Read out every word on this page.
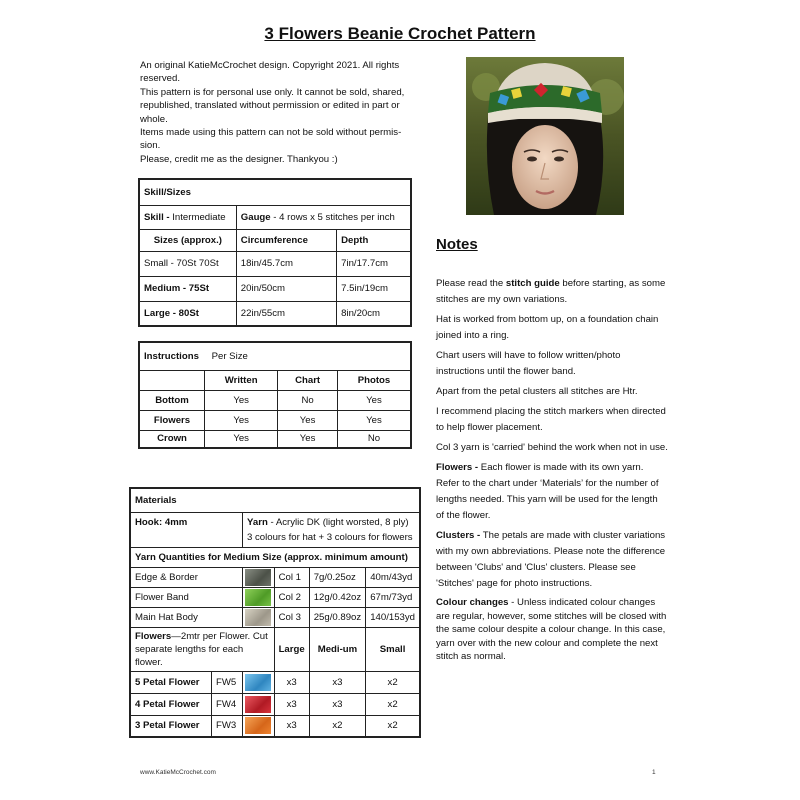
3 Flowers Beanie Crochet Pattern
An original KatieMcCrochet design. Copyright 2021. All rights reserved.
This pattern is for personal use only. It cannot be sold, shared, republished, translated without permission or edited in part or whole.
Items made using this pattern can not be sold without permis-sion.
Please, credit me as the designer. Thankyou :)
Skill/Sizes		
Skill - Intermediate	Gauge - 4 rows x 5 stitches per inch	
Sizes (approx.)	Circumference	Depth
Small - 70St 70St	18in/45.7cm	7in/17.7cm
Medium - 75St	20in/50cm	7.5in/19cm
Large - 80St	22in/55cm	8in/20cm
Instructions Per Size			
	Written	Chart	Photos
Bottom	Yes	No	Yes
Flowers	Yes	Yes	Yes
Crown	Yes	Yes	No
Materials					
Hook: 4mm		Yarn - Acrylic DK (light worsted, 8 ply)
3 colours for hat + 3 colours for flowers			
Yarn Quantities for Medium Size (approx. minimum amount)					
Edge & Border			Col 1	7g/0.25oz	40m/43yd
Flower Band			Col 2	12g/0.42oz	67m/73yd
Main Hat Body			Col 3	25g/0.89oz	140/153yd
Flowers—2mtr per Flower. Cut separate lengths for each flower.			Large	Medi-um	Small
5 Petal Flower	FW5		x3	x3	x2
4 Petal Flower	FW4		x3	x3	x2
3 Petal Flower	FW3		x3	x2	x2
Notes

Please read the stitch guide before starting, as some stitches are my own variations.

Hat is worked from bottom up, on a foundation chain joined into a ring.

Chart users will have to follow written/photo instructions until the flower band.

Apart from the petal clusters all stitches are Htr.

I recommend placing the stitch markers when directed to help flower placement.

Col 3 yarn is 'carried' behind the work when not in use.

Flowers - Each flower is made with its own yarn. Refer to the chart under ‘Materials’ for the number of lengths needed. This yarn will be used for the length of the flower.

Clusters - The petals are made with cluster variations with my own abbreviations. Please note the difference between 'Clubs' and 'Clus' clusters. Please see 'Stitches' page for photo instructions.

Colour changes - Unless indicated colour changes are regular, however, some stitches will be closed with the same colour despite a colour change. In this case, yarn over with the new colour and complete the next stitch as normal.

www.KatieMcCrochet.com	1
